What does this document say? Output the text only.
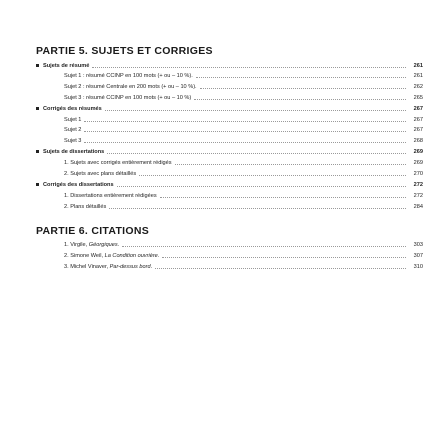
PARTIE 5. SUJETS ET CORRIGES
Sujets de résumé	261
Sujet 1 : résumé CCINP en 100 mots (+ ou – 10 %).	261
Sujet 2 : résumé Centrale en 200 mots (+ ou – 10 %).	262
Sujet 3 : résumé CCINP en 100 mots (+ ou – 10 %)	265
Corrigés des résumés	267
Sujet 1	267
Sujet 2	267
Sujet 3	268
Sujets de dissertations	269
1. Sujets avec corrigés entièrement rédigés	269
2. Sujets avec plans détaillés	270
Corrigés des dissertations	272
1. Dissertations entièrement rédigées	272
2. Plans détaillés	284
PARTIE 6. CITATIONS
1. Virgile, Géorgiques.	303
2. Simone Weil, La Condition ouvrière.	307
3. Michel Vinaver, Par-dessus bord.	310
